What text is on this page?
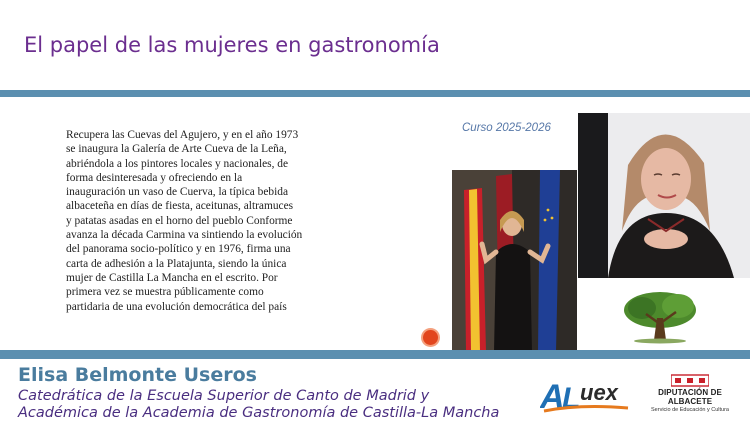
El papel de las mujeres en gastronomía
Recupera las Cuevas del Agujero, y en el año 1973
se inaugura la Galería de Arte Cueva de la Leña,
abriéndola a los pintores locales y nacionales, de
forma desinteresada y ofreciendo en la
inauguración un vaso de Cuerva, la típica bebida
albaceteña en días de fiesta, aceitunas, altramuces
y patatas asadas en el horno del pueblo Conforme
avanza la década Carmina va sintiendo la evolución
del panorama socio-político y en 1976, firma una
carta de adhesión a la Platajunta, siendo la única
mujer de Castilla La Mancha en el escrito. Por
primera vez se muestra públicamente como
partidaria de una evolución democrática del país
Curso 2025-2026
Elisa Belmonte Useros
Catedrática de la Escuela Superior de Canto de Madrid y
Académica de la Academia de Gastronomía de Castilla-La Mancha A
L uex	DIPUTACIÓN DE ALBACETE
Servicio de Educación y Cultura
